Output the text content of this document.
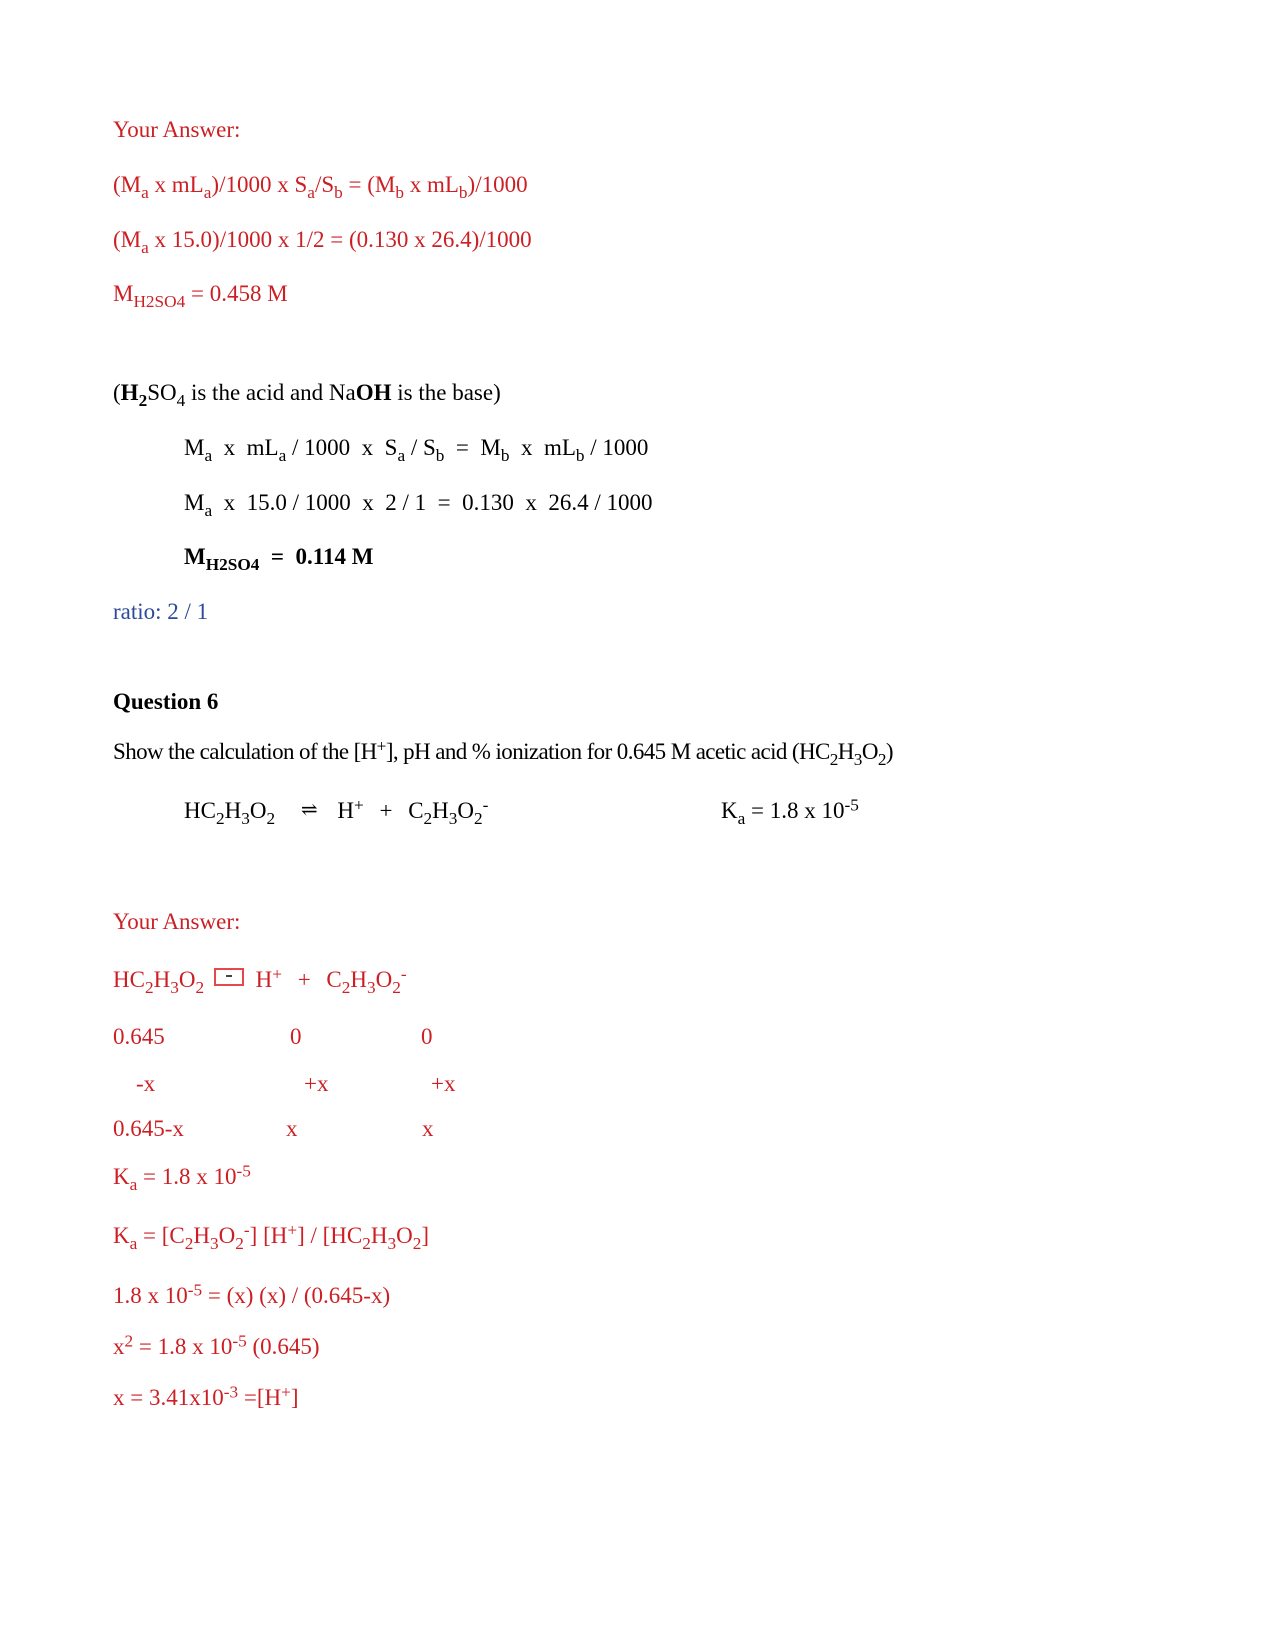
Your Answer:
($M_a$ x $mL_a)/1000$ x $S_a/S_b = (M_b$ x $mL_b)/1000$
($M_a$ x 15.0)/1000 x 1/2 = (0.130 x 26.4)/1000
$M_{H2SO4} = 0.458$ M
($H_2SO_4$ is the acid and NaOH is the base)
$M_a$  x  $mL_a / 1000$  x  $S_a / S_b = M_b$  x  $mL_b / 1000$
$M_a$  x  15.0 / 1000  x  2 / 1  =  0.130  x  26.4 / 1000
$M_{H2SO4} = 0.114$ M
ratio: 2 / 1
Question 6
Show the calculation of the [H+], pH and % ionization for 0.645 M acetic acid $(HC_2H_3O_2)$
$HC_2H_3O_2$ ⇌ $H^+ + C_2H_3O_2^-$	$K_a = 1.8$ x $10^{-5}$
Your Answer:
$HC_2H_3O_2$ $H^+ + C_2H_3O_2^-$
0.645	0	0
-x	+x	+x
0.645-x	x	x
$K_a = 1.8$ x $10^{-5}$
$K_a = [C_2H_3O_2^-]$ $[H^+] / [HC_2H_3O_2]$
1.8 x $10^{-5} = (x)$ (x) / (0.645-x)
$x^2 = 1.8$ x $10^{-5}$ (0.645)
$x = 3.41x10^{-3} =[H^+]$
